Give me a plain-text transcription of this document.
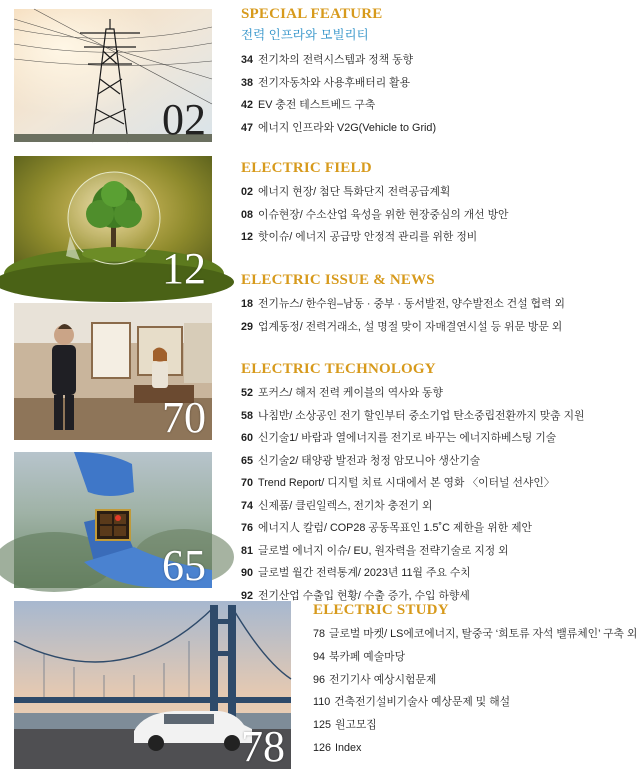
02
12
70
65
78
SPECIAL FEATURE
전력 인프라와 모빌리티
34 전기차의 전력시스템과 정책 동향
38 전기자동차와 사용후배터리 활용
42 EV 충전 테스트베드 구축
47 에너지 인프라와 V2G(Vehicle to Grid)
ELECTRIC FIELD
02 에너지 현장/ 첨단 특화단지 전력공급계획
08 이슈현장/ 수소산업 육성을 위한 현장중심의 개선 방안
12 핫이슈/ 에너지 공급망 안정적 관리를 위한 정비
ELECTRIC ISSUE & NEWS
18 전기뉴스/ 한수원–남동 · 중부 · 동서발전, 양수발전소 건설 협력 외
29 업계동정/ 전력거래소, 설 명절 맞이 자매결연시설 등 위문 방문 외
ELECTRIC TECHNOLOGY
52 포커스/ 해저 전력 케이블의 역사와 동향
58 나침반/ 소상공인 전기 할인부터 중소기업 탄소중립전환까지 맞춤 지원
60 신기술1/ 바람과 열에너지를 전기로 바꾸는 에너지하베스팅 기술
65 신기술2/ 태양광 발전과 청정 암모니아 생산기술
70 Trend Report/ 디지털 치료 시대에서 본 영화 〈이터널 선샤인〉
74 신제품/ 클린일렉스, 전기차 충전기 외
76 에너지人 칼럼/ COP28 공동목표인 1.5˚C 제한을 위한 제안
81 글로벌 에너지 이슈/ EU, 원자력을 전략기술로 지정 외
90 글로벌 월간 전력통계/ 2023년 11월 주요 수치
92 전기산업 수출입 현황/ 수출 증가, 수입 하향세
ELECTRIC STUDY
78 글로벌 마켓/ LS에코에너지, 탈중국 ‘희토류 자석 밸류체인’ 구축 외
94 북카페 예술마당
96 전기기사 예상시험문제
110 건축전기설비기술사 예상문제 및 해설
125 원고모집
126 Index
